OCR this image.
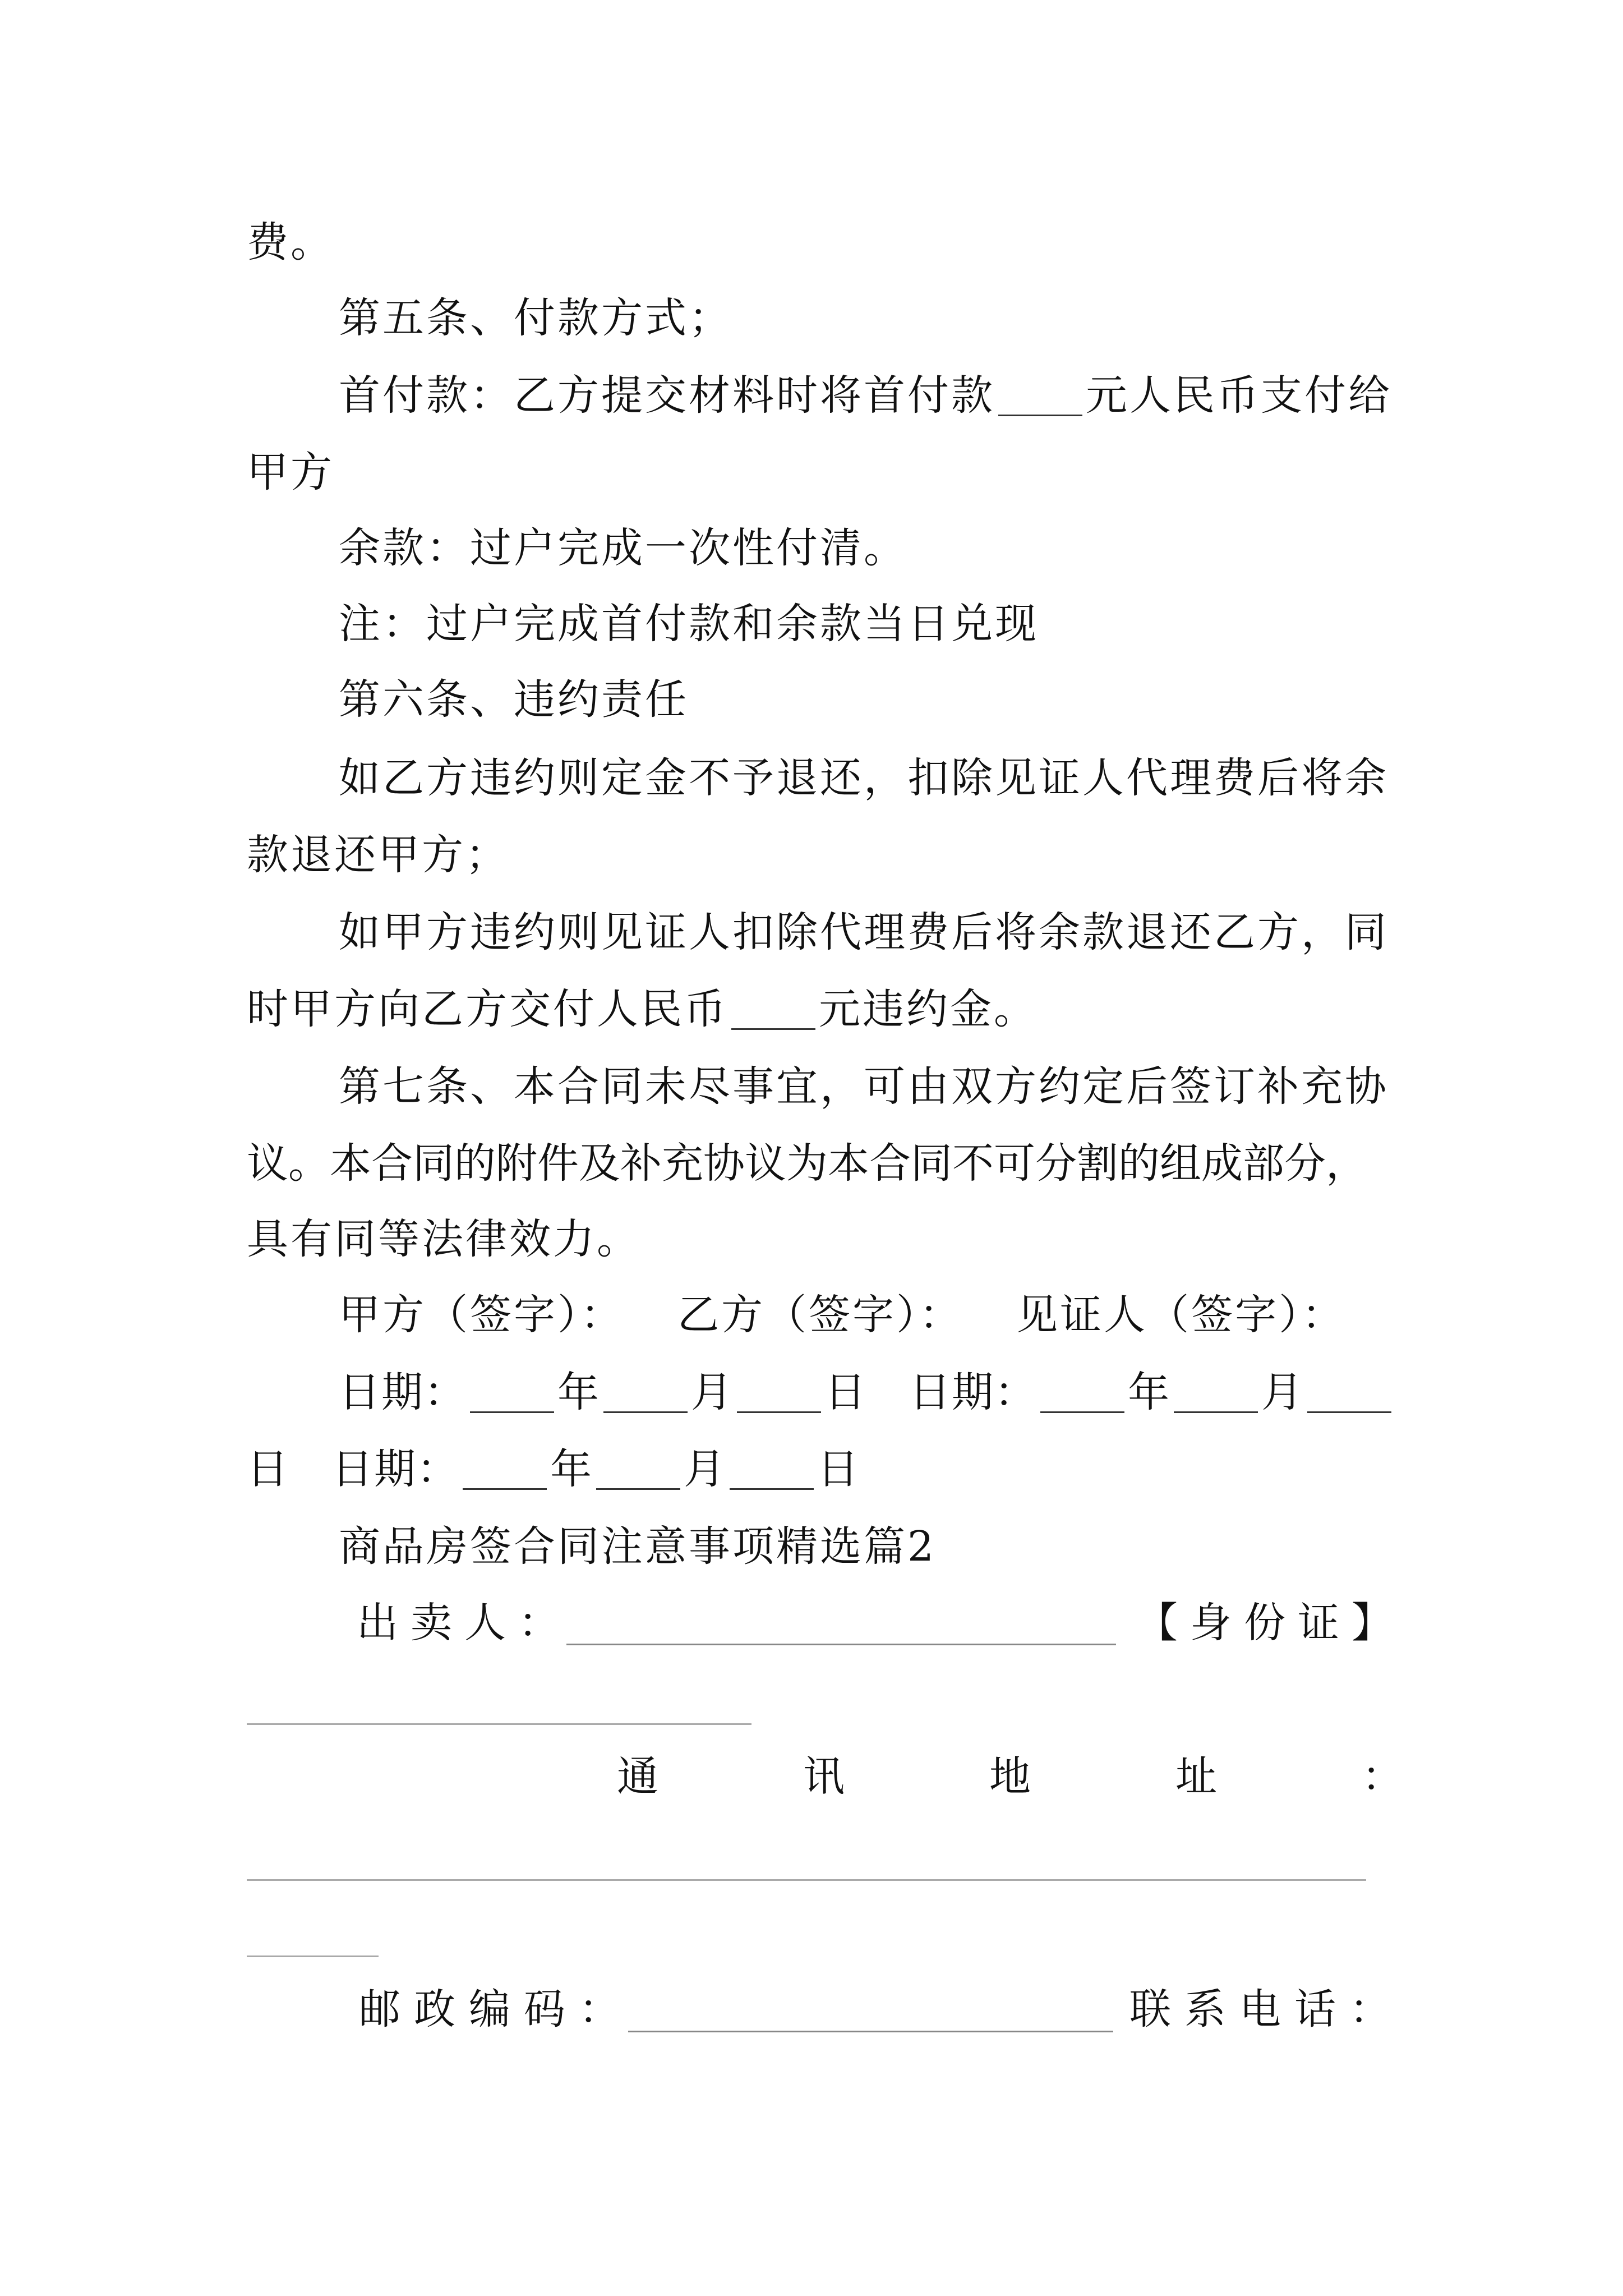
费。
第五条、付款方式；
首付款：乙方提交材料时将首付款 元人民币支付给
甲方
余款：过户完成一次性付清。
注：过户完成首付款和余款当日兑现
第六条、违约责任
如乙方违约则定金不予退还，扣除见证人代理费后将余
款退还甲方；
如甲方违约则见证人扣除代理费后将余款退还乙方，同
时甲方向乙方交付人民币 元违约金。
第七条、本合同未尽事宜，可由双方约定后签订补充协
议。本合同的附件及补充协议为本合同不可分割的组成部分，
具有同等法律效力。
甲方（签字）： 乙方（签字）： 见证人（签字）：
日期： 年 月 日 日期： 年 月
日 日期： 年 月 日
商品房签合同注意事项精选篇2
出卖人：	【身份证】
通讯地址：
邮政编码：	联系电话：
